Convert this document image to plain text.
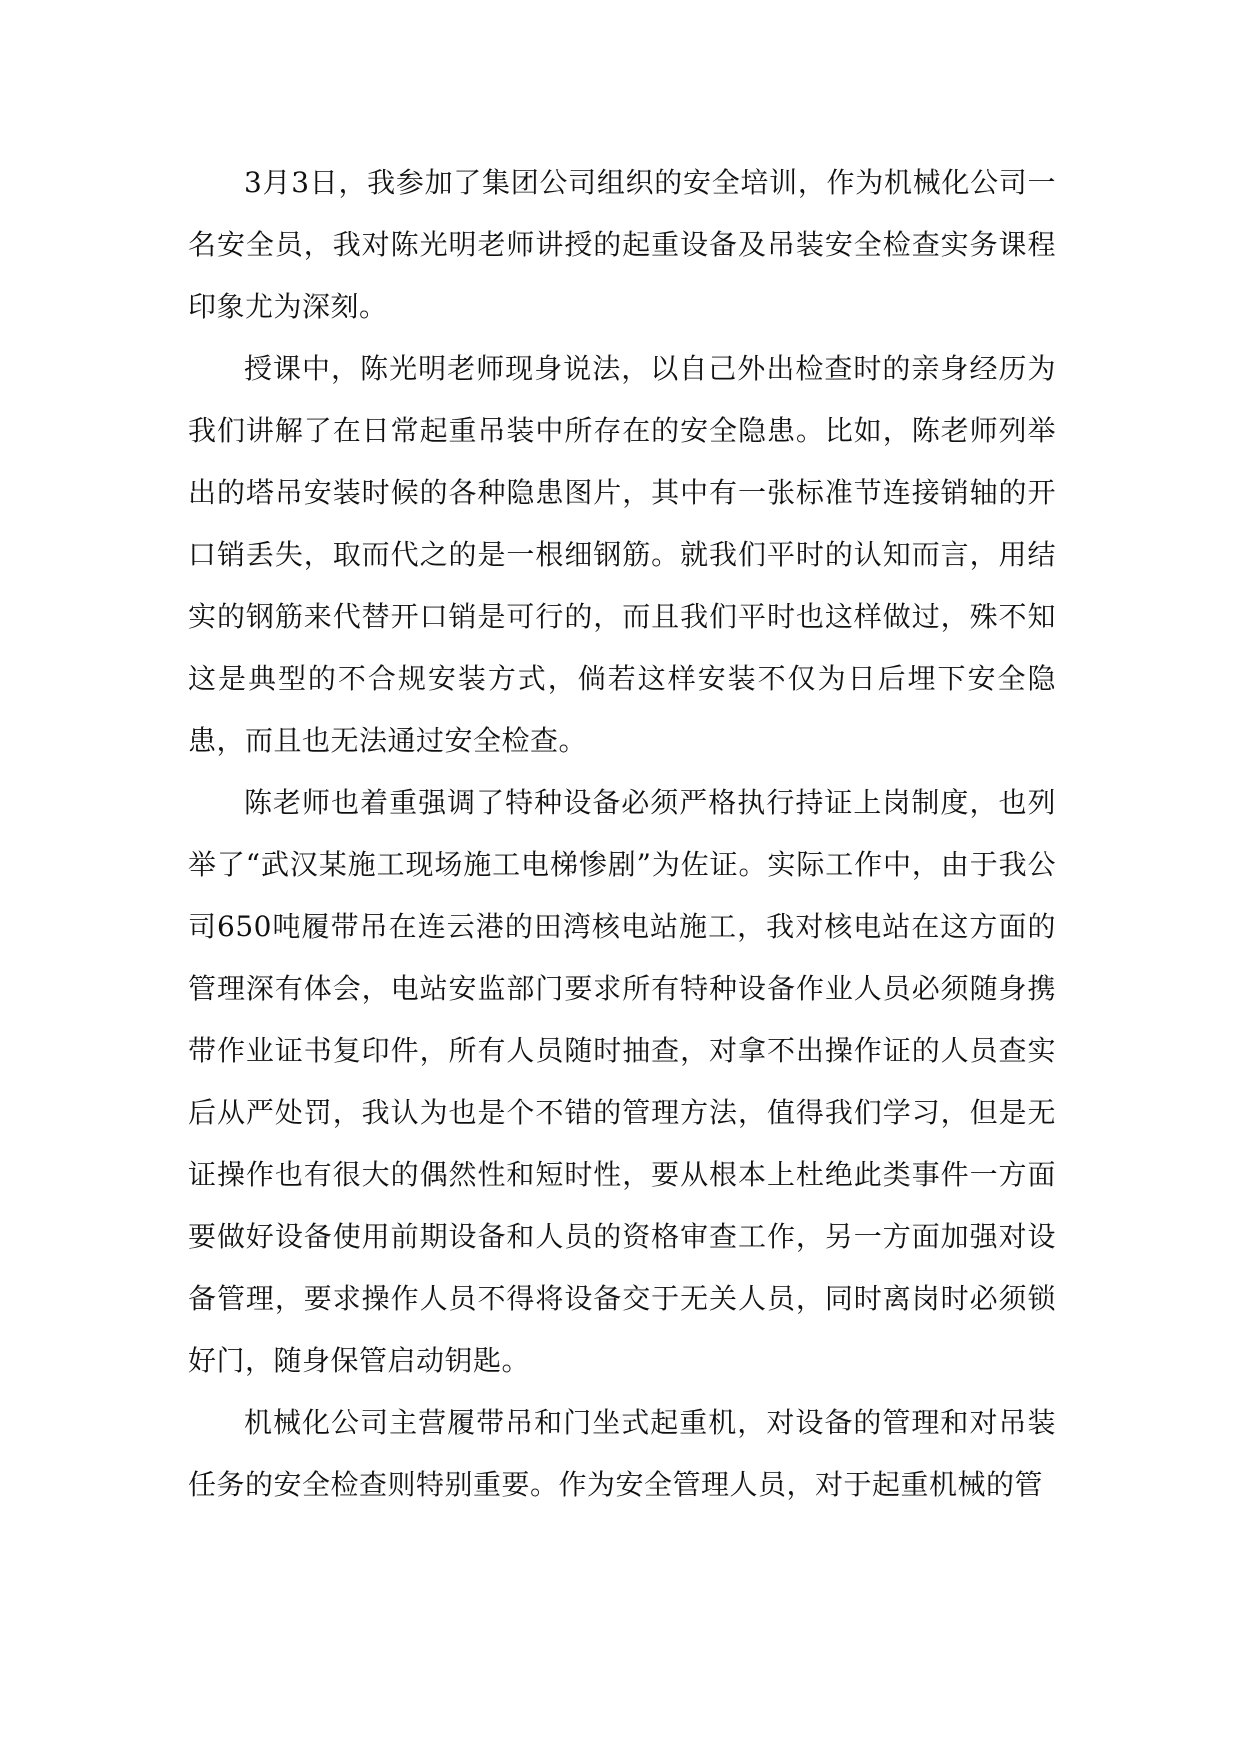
3月3日，我参加了集团公司组织的安全培训，作为机械化公司一名安全员，我对陈光明老师讲授的起重设备及吊装安全检查实务课程印象尤为深刻。

授课中，陈光明老师现身说法，以自己外出检查时的亲身经历为我们讲解了在日常起重吊装中所存在的安全隐患。比如，陈老师列举出的塔吊安装时候的各种隐患图片，其中有一张标准节连接销轴的开口销丢失，取而代之的是一根细钢筋。就我们平时的认知而言，用结实的钢筋来代替开口销是可行的，而且我们平时也这样做过，殊不知这是典型的不合规安装方式，倘若这样安装不仅为日后埋下安全隐患，而且也无法通过安全检查。

陈老师也着重强调了特种设备必须严格执行持证上岗制度，也列举了“武汉某施工现场施工电梯惨剧”为佐证。实际工作中，由于我公司650吨履带吊在连云港的田湾核电站施工，我对核电站在这方面的管理深有体会，电站安监部门要求所有特种设备作业人员必须随身携带作业证书复印件，所有人员随时抽查，对拿不出操作证的人员查实后从严处罚，我认为也是个不错的管理方法，值得我们学习，但是无证操作也有很大的偶然性和短时性，要从根本上杜绝此类事件一方面要做好设备使用前期设备和人员的资格审查工作，另一方面加强对设备管理，要求操作人员不得将设备交于无关人员，同时离岗时必须锁好门，随身保管启动钥匙。

机械化公司主营履带吊和门坐式起重机，对设备的管理和对吊装任务的安全检查则特别重要。作为安全管理人员，对于起重机械的管
